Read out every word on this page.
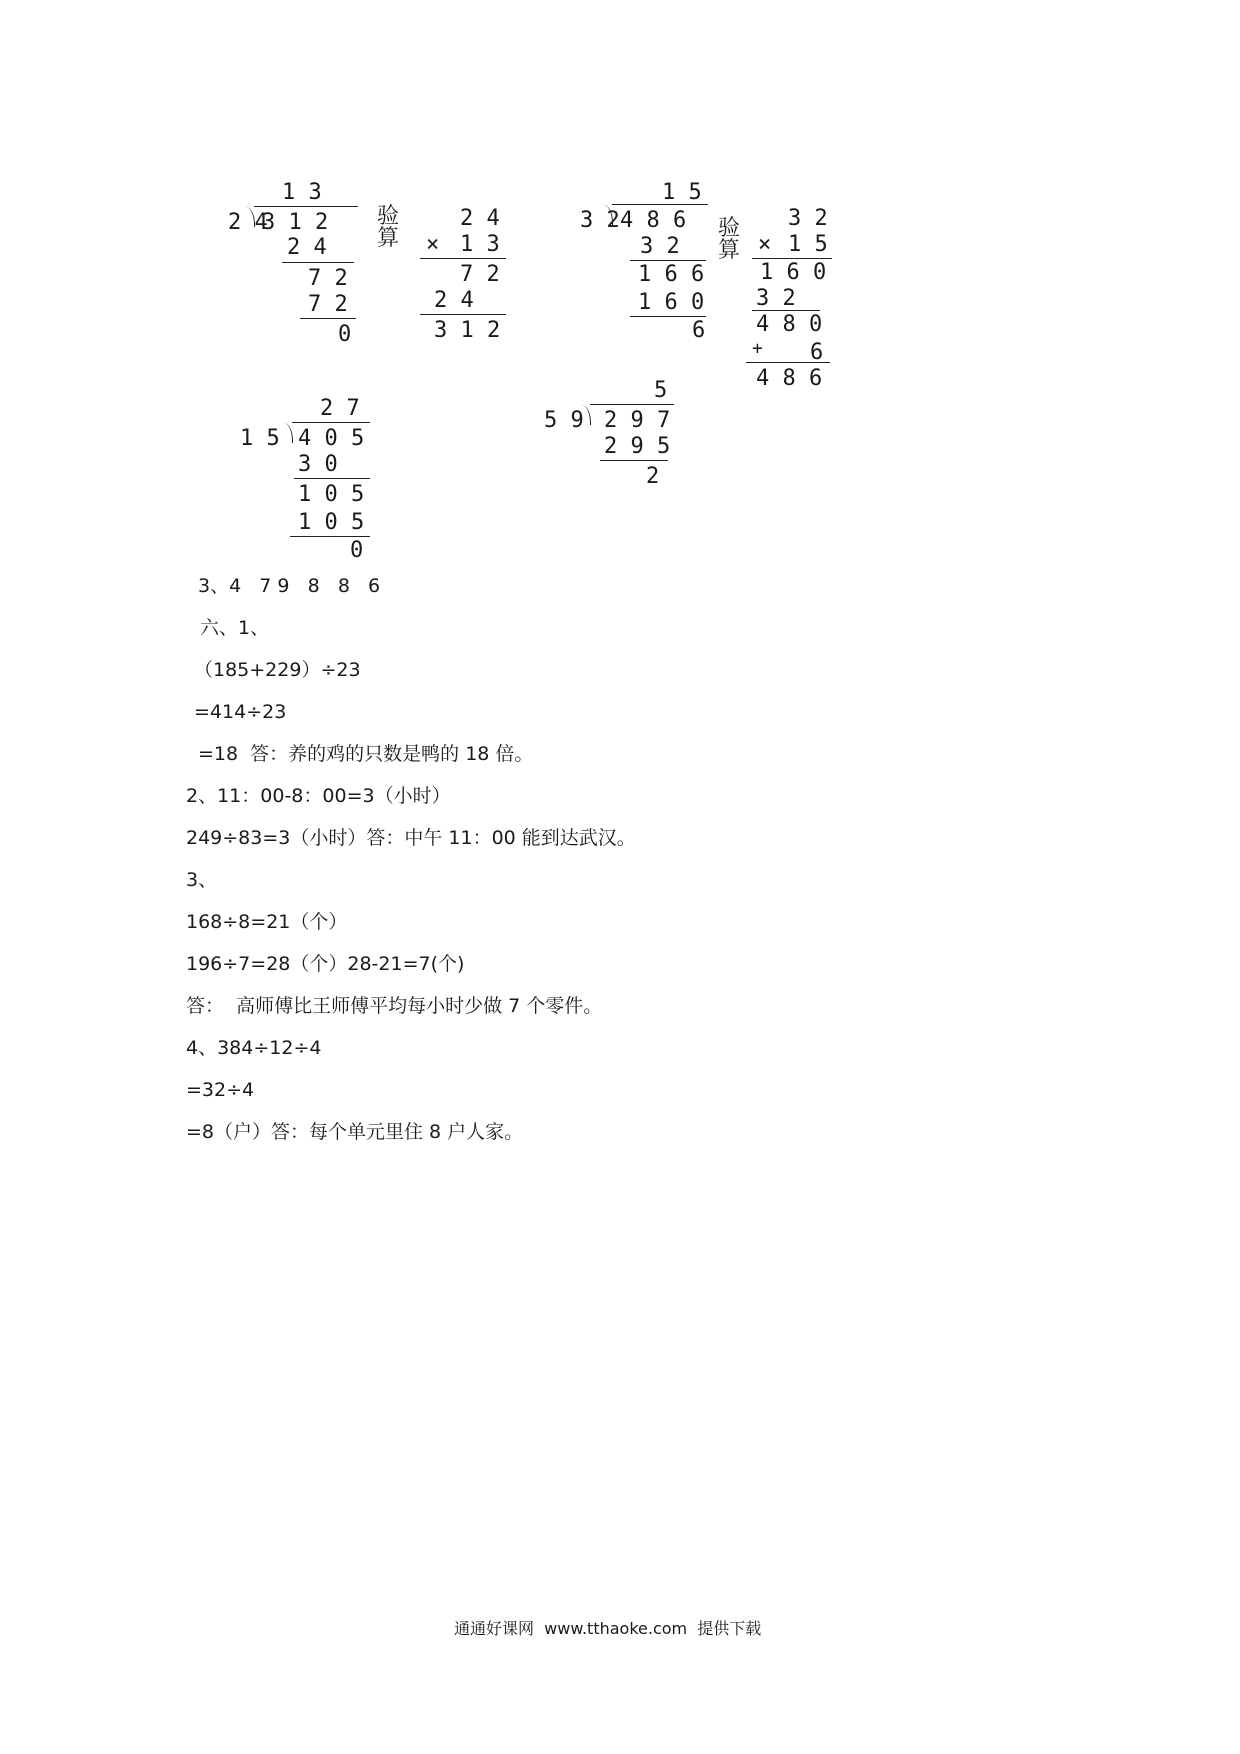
1 3
2 4
3 1 2
2 4
7 2
7 2
0
验算
2 4
× 1 3
7 2
2 4
3 1 2
1 5
3 2 4 8 6
3 2
1 6 6
1 6 0
6
验算
3 2
× 1 5
1 6 0
3 2
4 8 0
+ 6
4 8 6
2 7
1 5 4 0 5
3 0
1 0 5
1 0 5
0
5
5 9 2 9 7
2 9 5
2
3、4   7 9   8   8   6
六、1、
（185+229）÷23
=414÷23
=18  答：养的鸡的只数是鸭的 18 倍。
2、11：00-8：00=3（小时）
249÷83=3（小时）答：中午 11：00 能到达武汉。
3、
168÷8=21（个）
196÷7=28（个）28-21=7(个)
答：  高师傅比王师傅平均每小时少做 7 个零件。
4、384÷12÷4
=32÷4
=8（户）答：每个单元里住 8 户人家。
通通好课网  www.tthaoke.com  提供下载
